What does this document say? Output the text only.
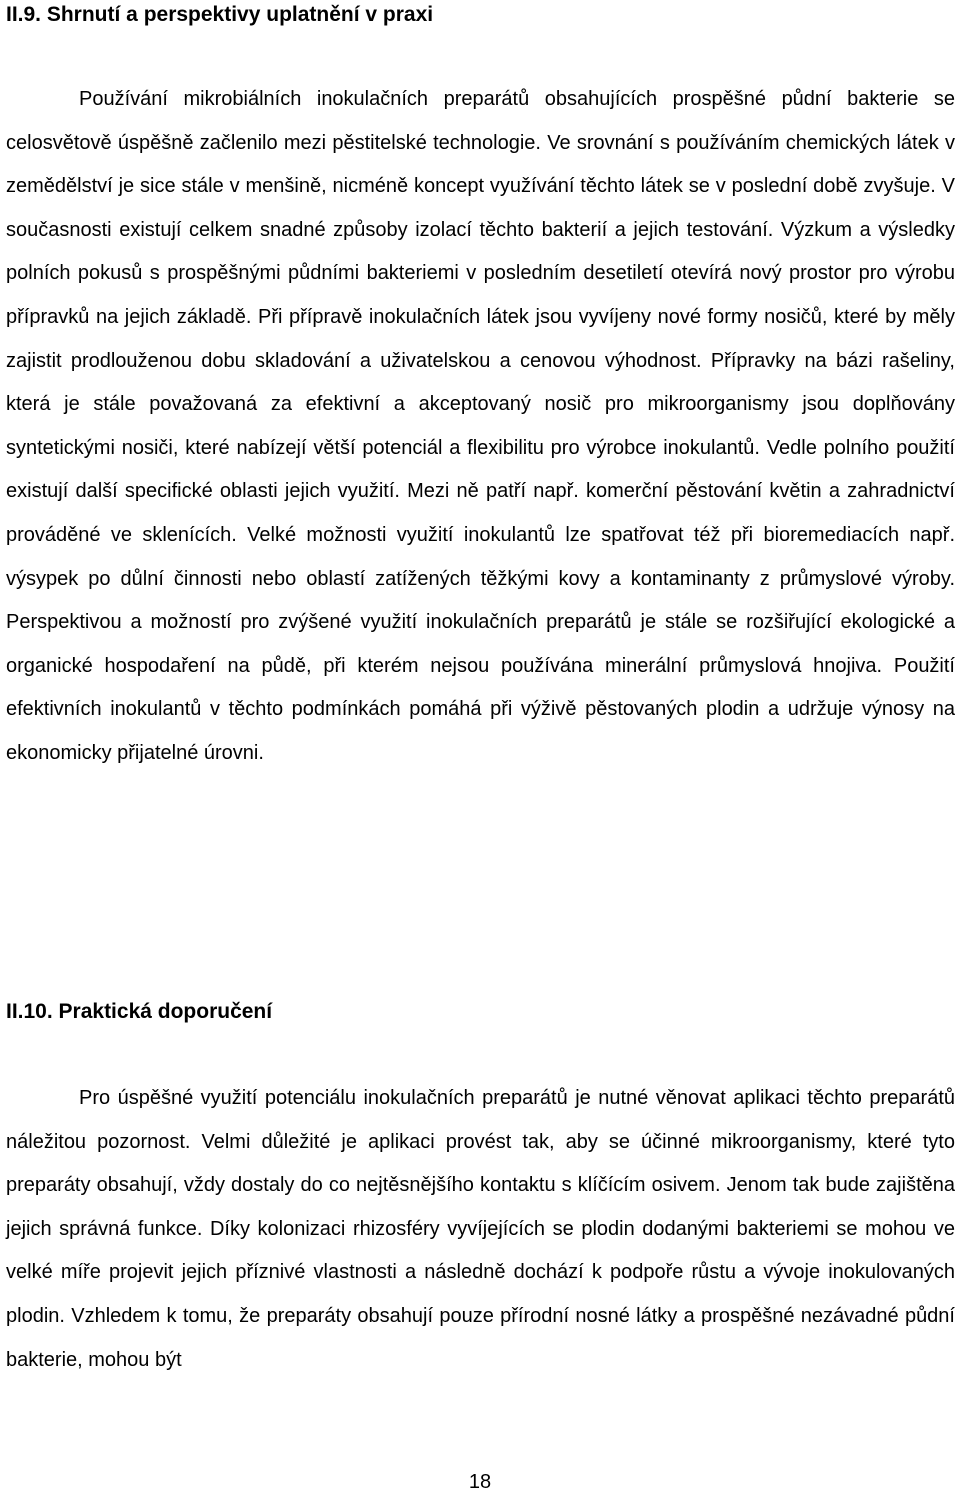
II.9. Shrnutí a perspektivy uplatnění v praxi

Používání mikrobiálních inokulačních preparátů obsahujících prospěšné půdní bakterie se celosvětově úspěšně začlenilo mezi pěstitelské technologie. Ve srovnání s používáním chemických látek v zemědělství je sice stále v menšině, nicméně koncept využívání těchto látek se v poslední době zvyšuje. V současnosti existují celkem snadné způsoby izolací těchto bakterií a jejich testování. Výzkum a výsledky polních pokusů s prospěšnými půdními bakteriemi v posledním desetiletí otevírá nový prostor pro výrobu přípravků na jejich základě. Při přípravě inokulačních látek jsou vyvíjeny nové formy nosičů, které by měly zajistit prodlouženou dobu skladování a uživatelskou a cenovou výhodnost. Přípravky na bázi rašeliny, která je stále považovaná za efektivní a akceptovaný nosič pro mikroorganismy jsou doplňovány syntetickými nosiči, které nabízejí větší potenciál a flexibilitu pro výrobce inokulantů. Vedle polního použití existují další specifické oblasti jejich využití. Mezi ně patří např. komerční pěstování květin a zahradnictví prováděné ve sklenících. Velké možnosti využití inokulantů lze spatřovat též při bioremediacích např. výsypek po důlní činnosti nebo oblastí zatížených těžkými kovy a kontaminanty z průmyslové výroby. Perspektivou a možností pro zvýšené využití inokulačních preparátů je stále se rozšiřující ekologické a organické hospodaření na půdě, při kterém nejsou používána minerální průmyslová hnojiva. Použití efektivních inokulantů v těchto podmínkách pomáhá při výživě pěstovaných plodin a udržuje výnosy na ekonomicky přijatelné úrovni.

II.10. Praktická doporučení

Pro úspěšné využití potenciálu inokulačních preparátů je nutné věnovat aplikaci těchto preparátů náležitou pozornost. Velmi důležité je aplikaci provést tak, aby se účinné mikroorganismy, které tyto preparáty obsahují, vždy dostaly do co nejtěsnějšího kontaktu s klíčícím osivem. Jenom tak bude zajištěna jejich správná funkce. Díky kolonizaci rhizosféry vyvíjejících se plodin dodanými bakteriemi se mohou ve velké míře projevit jejich příznivé vlastnosti a následně dochází k podpoře růstu a vývoje inokulovaných plodin. Vzhledem k tomu, že preparáty obsahují pouze přírodní nosné látky a prospěšné nezávadné půdní bakterie, mohou být

18
